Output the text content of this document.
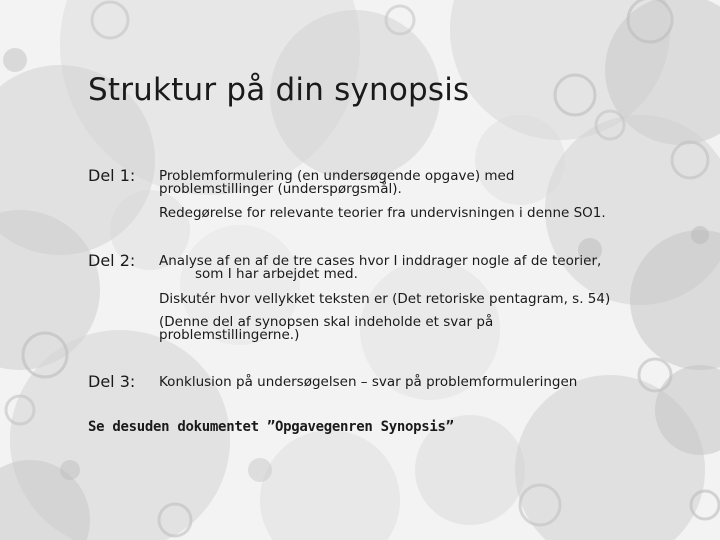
Struktur på din synopsis
Del 1: Problemformulering (en undersøgende opgave) med problemstillinger (underspørgsmål).
Redegørelse for relevante teorier fra undervisningen i denne SO1.
Del 2: Analyse af en af de tre cases hvor I inddrager nogle af de teorier,
som I har arbejdet med.
Diskutér hvor vellykket teksten er (Det retoriske pentagram, s. 54)
(Denne del af synopsen skal indeholde et svar på problemstillingerne.)
Del 3: Konklusion på undersøgelsen – svar på problemformuleringen
Se desuden dokumentet ”Opgavegenren Synopsis”
